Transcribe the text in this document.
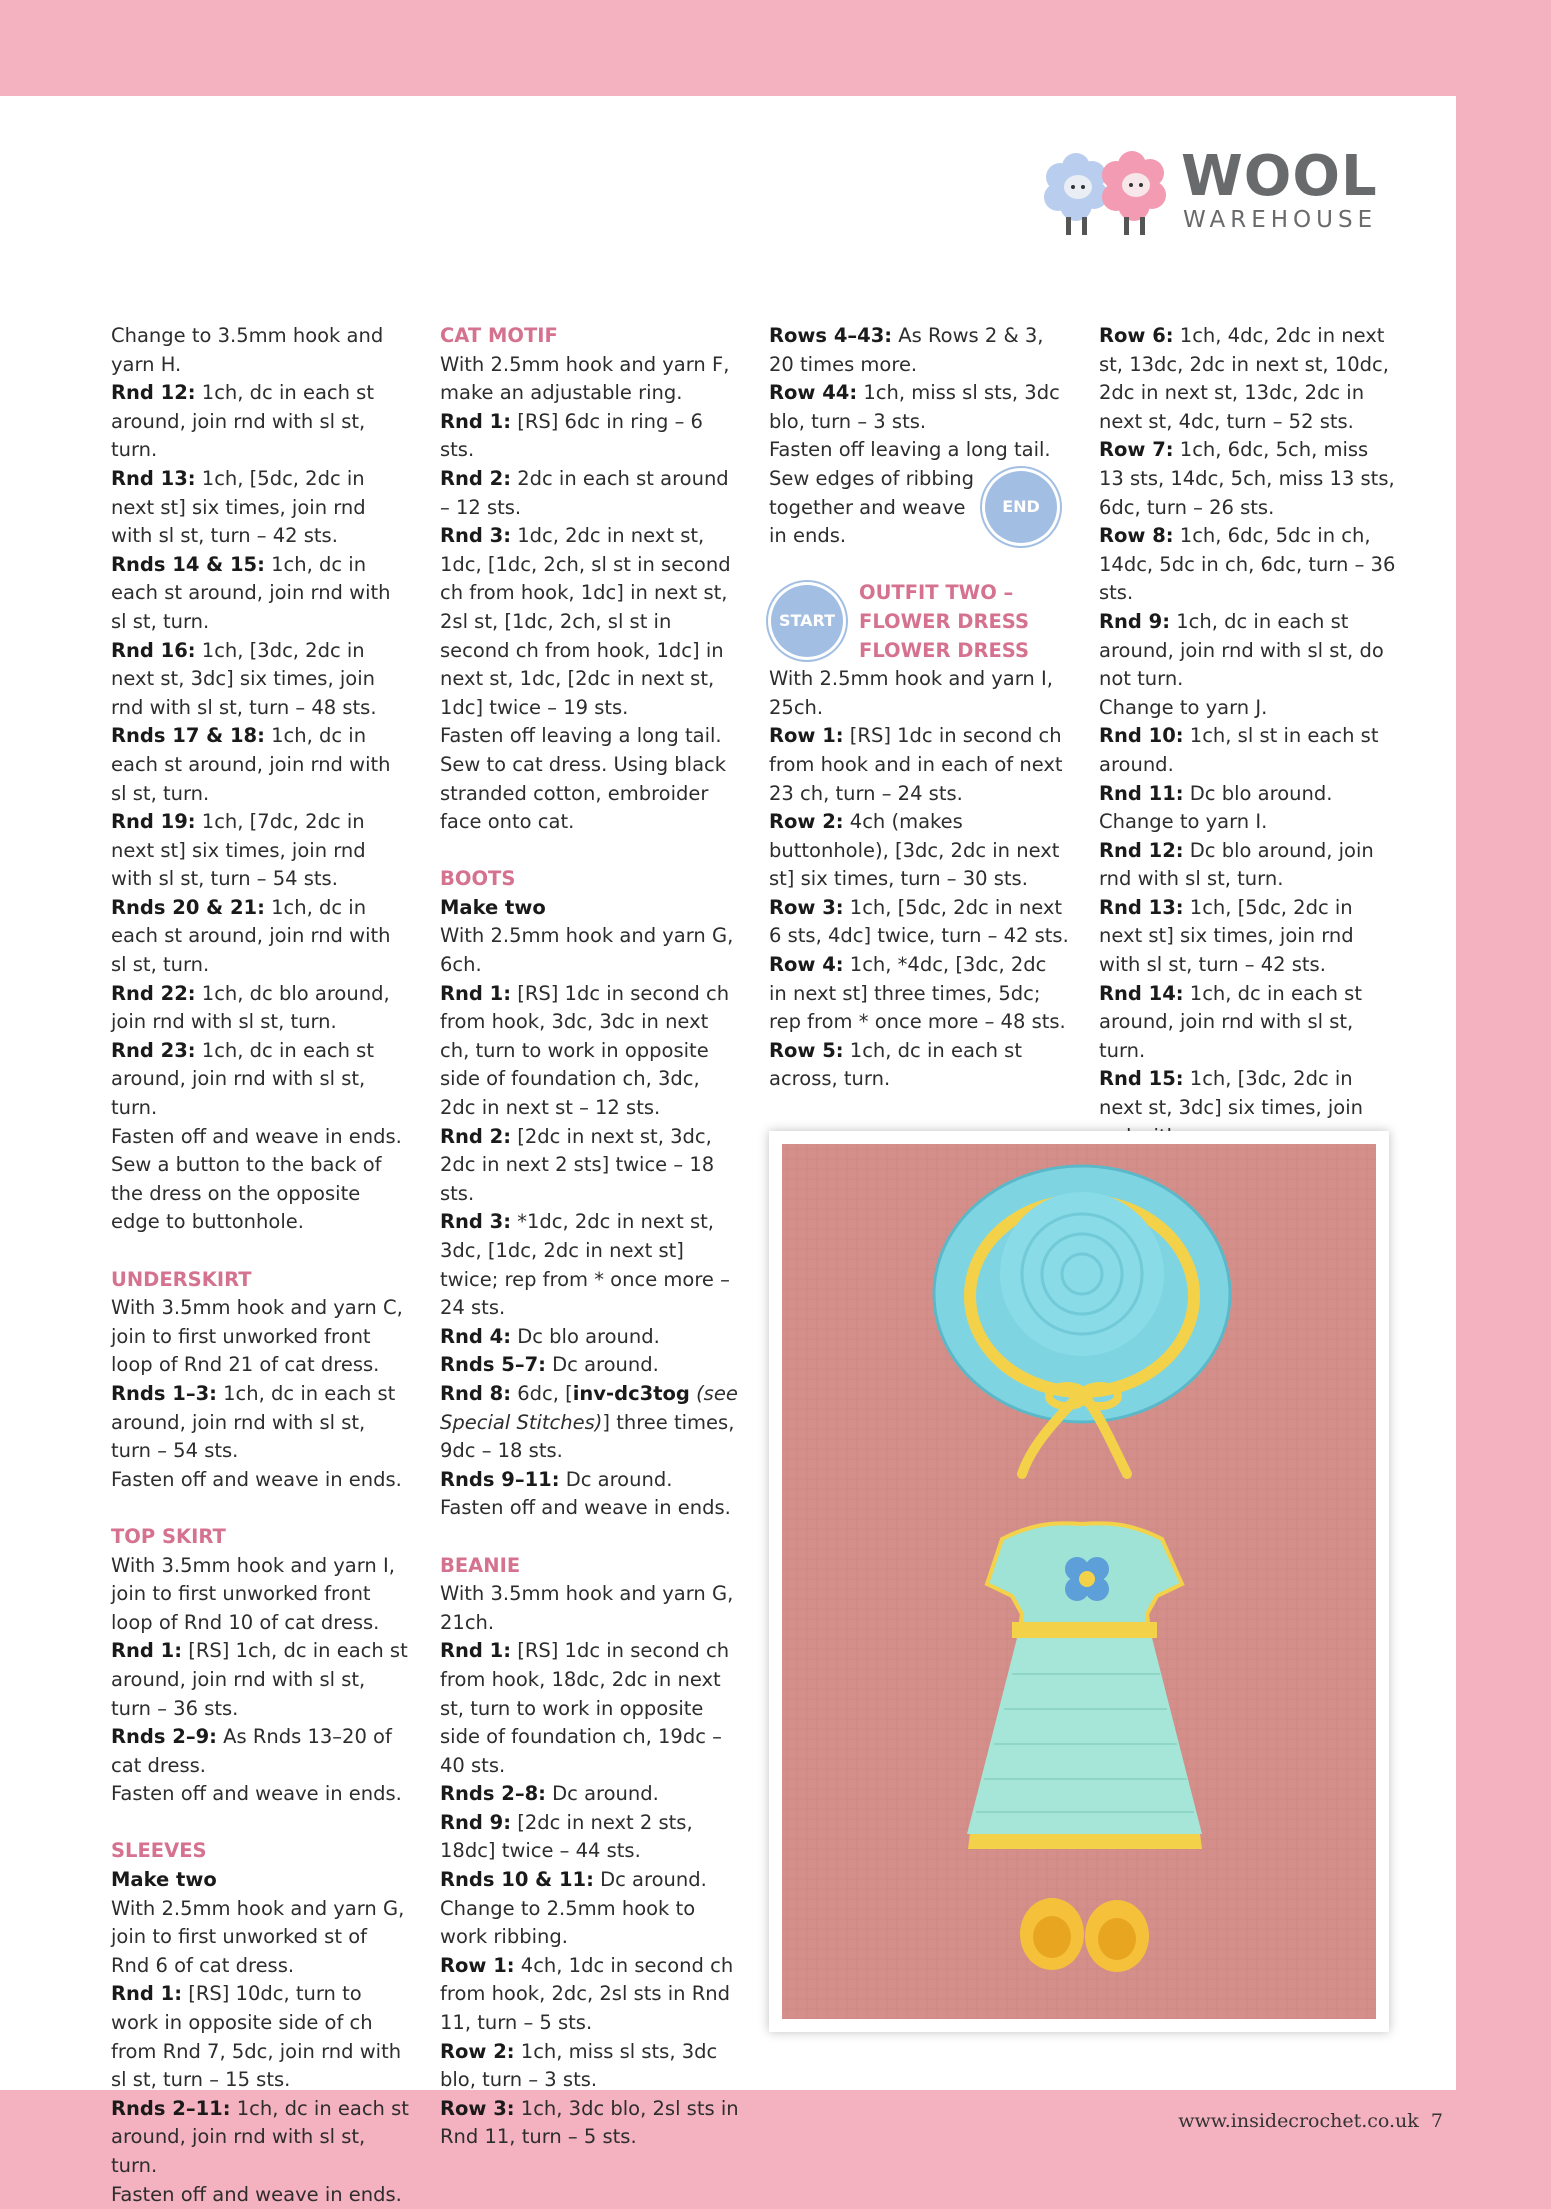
WOOL
WAREHOUSE

Change to 3.5mm hook and yarn H.

Rnd 12: 1ch, dc in each st around, join rnd with sl st, turn.

Rnd 13: 1ch, [5dc, 2dc in next st] six times, join rnd with sl st, turn – 42 sts.

Rnds 14 & 15: 1ch, dc in each st around, join rnd with sl st, turn.

Rnd 16: 1ch, [3dc, 2dc in next st, 3dc] six times, join rnd with sl st, turn – 48 sts.

Rnds 17 & 18: 1ch, dc in each st around, join rnd with sl st, turn.

Rnd 19: 1ch, [7dc, 2dc in next st] six times, join rnd with sl st, turn – 54 sts.

Rnds 20 & 21: 1ch, dc in each st around, join rnd with sl st, turn.

Rnd 22: 1ch, dc blo around, join rnd with sl st, turn.

Rnd 23: 1ch, dc in each st around, join rnd with sl st, turn.

Fasten off and weave in ends.

Sew a button to the back of the dress on the opposite edge to buttonhole.

UNDERSKIRT

With 3.5mm hook and yarn C, join to first unworked front loop of Rnd 21 of cat dress.

Rnds 1–3: 1ch, dc in each st around, join rnd with sl st, turn – 54 sts.

Fasten off and weave in ends.

TOP SKIRT

With 3.5mm hook and yarn I, join to first unworked front loop of Rnd 10 of cat dress.

Rnd 1: [RS] 1ch, dc in each st around, join rnd with sl st, turn – 36 sts.

Rnds 2–9: As Rnds 13–20 of cat dress.

Fasten off and weave in ends.

SLEEVES

Make two

With 2.5mm hook and yarn G, join to first unworked st of Rnd 6 of cat dress.

Rnd 1: [RS] 10dc, turn to work in opposite side of ch from Rnd 7, 5dc, join rnd with sl st, turn – 15 sts.

Rnds 2–11: 1ch, dc in each st around, join rnd with sl st, turn.

Fasten off and weave in ends.

CAT MOTIF

With 2.5mm hook and yarn F, make an adjustable ring.

Rnd 1: [RS] 6dc in ring – 6 sts.

Rnd 2: 2dc in each st around – 12 sts.

Rnd 3: 1dc, 2dc in next st, 1dc, [1dc, 2ch, sl st in second ch from hook, 1dc] in next st, 2sl st, [1dc, 2ch, sl st in second ch from hook, 1dc] in next st, 1dc, [2dc in next st, 1dc] twice – 19 sts.

Fasten off leaving a long tail. Sew to cat dress. Using black stranded cotton, embroider face onto cat.

BOOTS

Make two

With 2.5mm hook and yarn G, 6ch.

Rnd 1: [RS] 1dc in second ch from hook, 3dc, 3dc in next ch, turn to work in opposite side of foundation ch, 3dc, 2dc in next st – 12 sts.

Rnd 2: [2dc in next st, 3dc, 2dc in next 2 sts] twice – 18 sts.

Rnd 3: *1dc, 2dc in next st, 3dc, [1dc, 2dc in next st] twice; rep from * once more – 24 sts.

Rnd 4: Dc blo around.

Rnds 5–7: Dc around.

Rnd 8: 6dc, [inv-dc3tog (see Special Stitches)] three times, 9dc – 18 sts.

Rnds 9–11: Dc around.

Fasten off and weave in ends.

BEANIE

With 3.5mm hook and yarn G, 21ch.

Rnd 1: [RS] 1dc in second ch from hook, 18dc, 2dc in next st, turn to work in opposite side of foundation ch, 19dc – 40 sts.

Rnds 2–8: Dc around.

Rnd 9: [2dc in next 2 sts, 18dc] twice – 44 sts.

Rnds 10 & 11: Dc around.

Change to 2.5mm hook to work ribbing.

Row 1: 4ch, 1dc in second ch from hook, 2dc, 2sl sts in Rnd 11, turn – 5 sts.

Row 2: 1ch, miss sl sts, 3dc blo, turn – 3 sts.

Row 3: 1ch, 3dc blo, 2sl sts in Rnd 11, turn – 5 sts.

Rows 4–43: As Rows 2 & 3, 20 times more.

Row 44: 1ch, miss sl sts, 3dc blo, turn – 3 sts.

Fasten off leaving a long tail.

Sew edges of ribbing together and weave in ends.

OUTFIT TWO –

FLOWER DRESS

FLOWER DRESS

With 2.5mm hook and yarn I, 25ch.

Row 1: [RS] 1dc in second ch from hook and in each of next 23 ch, turn – 24 sts.

Row 2: 4ch (makes buttonhole), [3dc, 2dc in next st] six times, turn – 30 sts.

Row 3: 1ch, [5dc, 2dc in next 6 sts, 4dc] twice, turn – 42 sts.

Row 4: 1ch, *4dc, [3dc, 2dc in next st] three times, 5dc; rep from * once more – 48 sts.

Row 5: 1ch, dc in each st across, turn.

END
START

Row 6: 1ch, 4dc, 2dc in next st, 13dc, 2dc in next st, 10dc, 2dc in next st, 13dc, 2dc in next st, 4dc, turn – 52 sts.

Row 7: 1ch, 6dc, 5ch, miss 13 sts, 14dc, 5ch, miss 13 sts, 6dc, turn – 26 sts.

Row 8: 1ch, 6dc, 5dc in ch, 14dc, 5dc in ch, 6dc, turn – 36 sts.

Rnd 9: 1ch, dc in each st around, join rnd with sl st, do not turn.

Change to yarn J.

Rnd 10: 1ch, sl st in each st around.

Rnd 11: Dc blo around.

Change to yarn I.

Rnd 12: Dc blo around, join rnd with sl st, turn.

Rnd 13: 1ch, [5dc, 2dc in next st] six times, join rnd with sl st, turn – 42 sts.

Rnd 14: 1ch, dc in each st around, join rnd with sl st, turn.

Rnd 15: 1ch, [3dc, 2dc in next st, 3dc] six times, join

www.insidecrochet.co.uk 7
